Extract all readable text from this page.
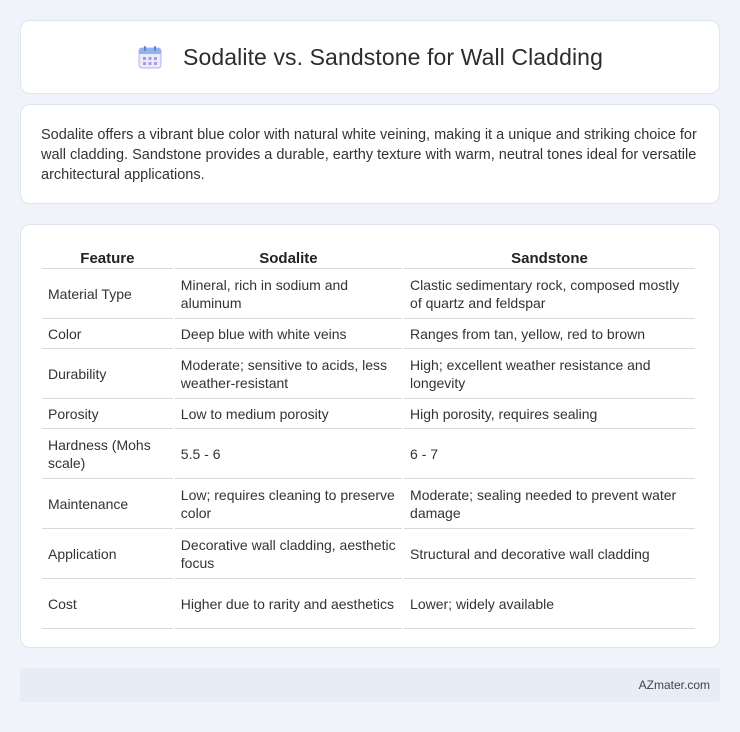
Sodalite vs. Sandstone for Wall Cladding

Sodalite offers a vibrant blue color with natural white veining, making it a unique and striking choice for wall cladding. Sandstone provides a durable, earthy texture with warm, neutral tones ideal for versatile architectural applications.

Feature	Sodalite	Sandstone
Material Type	Mineral, rich in sodium and aluminum	Clastic sedimentary rock, composed mostly of quartz and feldspar
Color	Deep blue with white veins	Ranges from tan, yellow, red to brown
Durability	Moderate; sensitive to acids, less weather-resistant	High; excellent weather resistance and longevity
Porosity	Low to medium porosity	High porosity, requires sealing
Hardness (Mohs scale)	5.5 - 6	6 - 7
Maintenance	Low; requires cleaning to preserve color	Moderate; sealing needed to prevent water damage
Application	Decorative wall cladding, aesthetic focus	Structural and decorative wall cladding
Cost	Higher due to rarity and aesthetics	Lower; widely available
AZmater.com
